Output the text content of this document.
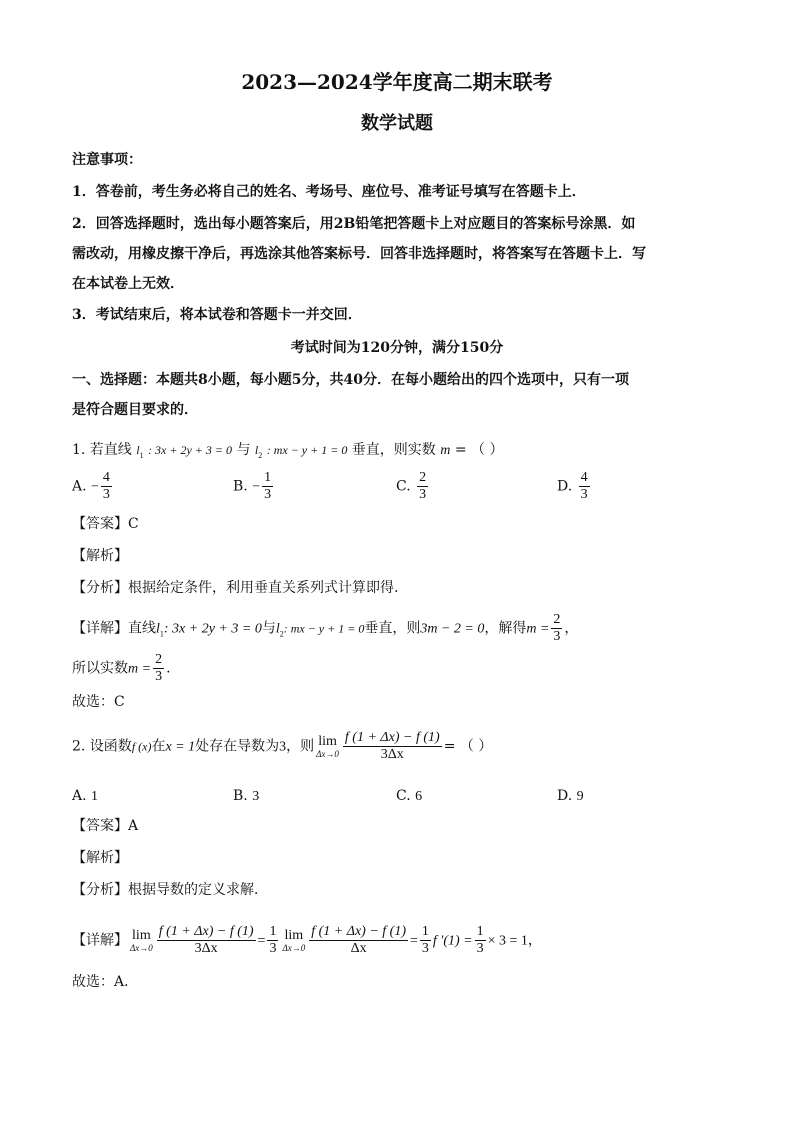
2023—2024学年度高二期末联考
数学试题
注意事项：
1．答卷前，考生务必将自己的姓名、考场号、座位号、准考证号填写在答题卡上．
2．回答选择题时，选出每小题答案后，用2B铅笔把答题卡上对应题目的答案标号涂黑．如
需改动，用橡皮擦干净后，再选涂其他答案标号．回答非选择题时，将答案写在答题卡上．写
在本试卷上无效．
3．考试结束后，将本试卷和答题卡一并交回．
考试时间为120分钟，满分150分
一、选择题：本题共8小题，每小题5分，共40分．在每小题给出的四个选项中，只有一项
是符合题目要求的．
1. 若直线 $l_1$ : 3x + 2y + 3 = 0 与 $l_2$ : mx − y + 1 = 0 垂直，则实数 m = （ ）
A. − $\frac{4}{3}$	B. − $\frac{1}{3}$	C. $\frac{2}{3}$	D. $\frac{4}{3}$
【答案】C
【解析】
【分析】根据给定条件，利用垂直关系列式计算即得.
【详解】直线$l_1$: 3x + 2y + 3 = 0与$l_2$: mx − y + 1 = 0垂直，则3m − 2 = 0，解得$m = \frac{2}{3}$ ，
所以实数$m = \frac{2}{3}$ .
故选：C
2. 设函数f (x)在x = 1处存在导数为3，则 lim
$\Delta x\to 0 \frac{f (1 + \Delta x) - f (1)}{3\Delta x}$ = （ ）
A. 1	B. 3	C. 6	D. 9
【答案】A
【解析】
【分析】根据导数的定义求解．
【详解】 lim
$\Delta x\to 0 \frac{f (1 + \Delta x) - f (1)}{3\Delta x} = \frac{1}{3}$ lim
$\Delta x\to 0 \frac{f (1 + \Delta x) - f (1)}{\Delta x} = \frac{1}{3}$ f $'(1) = \frac{1}{3} \times 3 = 1$，
故选：A．
